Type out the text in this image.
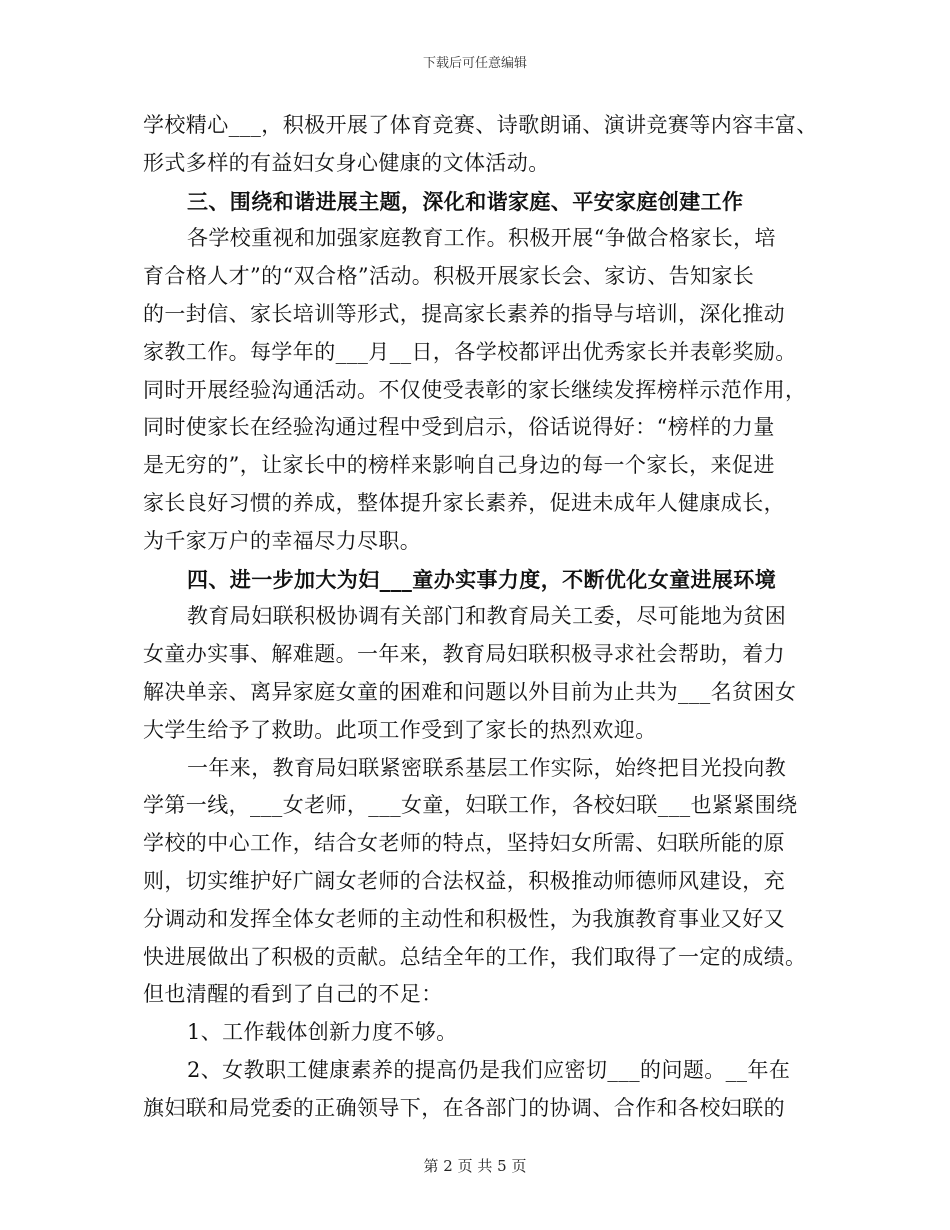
下载后可任意编辑
学校精心___，积极开展了体育竞赛、诗歌朗诵、演讲竞赛等内容丰富、
形式多样的有益妇女身心健康的文体活动。
三、围绕和谐进展主题，深化和谐家庭、平安家庭创建工作
各学校重视和加强家庭教育工作。积极开展“争做合格家长，培
育合格人才”的“双合格”活动。积极开展家长会、家访、告知家长
的一封信、家长培训等形式，提高家长素养的指导与培训，深化推动
家教工作。每学年的___月__日，各学校都评出优秀家长并表彰奖励。
同时开展经验沟通活动。不仅使受表彰的家长继续发挥榜样示范作用，
同时使家长在经验沟通过程中受到启示，俗话说得好：“榜样的力量
是无穷的”，让家长中的榜样来影响自己身边的每一个家长，来促进
家长良好习惯的养成，整体提升家长素养，促进未成年人健康成长，
为千家万户的幸福尽力尽职。
四、进一步加大为妇___童办实事力度，不断优化女童进展环境
教育局妇联积极协调有关部门和教育局关工委，尽可能地为贫困
女童办实事、解难题。一年来，教育局妇联积极寻求社会帮助，着力
解决单亲、离异家庭女童的困难和问题以外目前为止共为___名贫困女
大学生给予了救助。此项工作受到了家长的热烈欢迎。
一年来，教育局妇联紧密联系基层工作实际，始终把目光投向教
学第一线，___女老师，___女童，妇联工作，各校妇联___也紧紧围绕
学校的中心工作，结合女老师的特点，坚持妇女所需、妇联所能的原
则，切实维护好广阔女老师的合法权益，积极推动师德师风建设，充
分调动和发挥全体女老师的主动性和积极性，为我旗教育事业又好又
快进展做出了积极的贡献。总结全年的工作，我们取得了一定的成绩。
但也清醒的看到了自己的不足：
1、工作载体创新力度不够。
2、女教职工健康素养的提高仍是我们应密切___的问题。__年在
旗妇联和局党委的正确领导下，在各部门的协调、合作和各校妇联的
第 2 页 共 5 页
